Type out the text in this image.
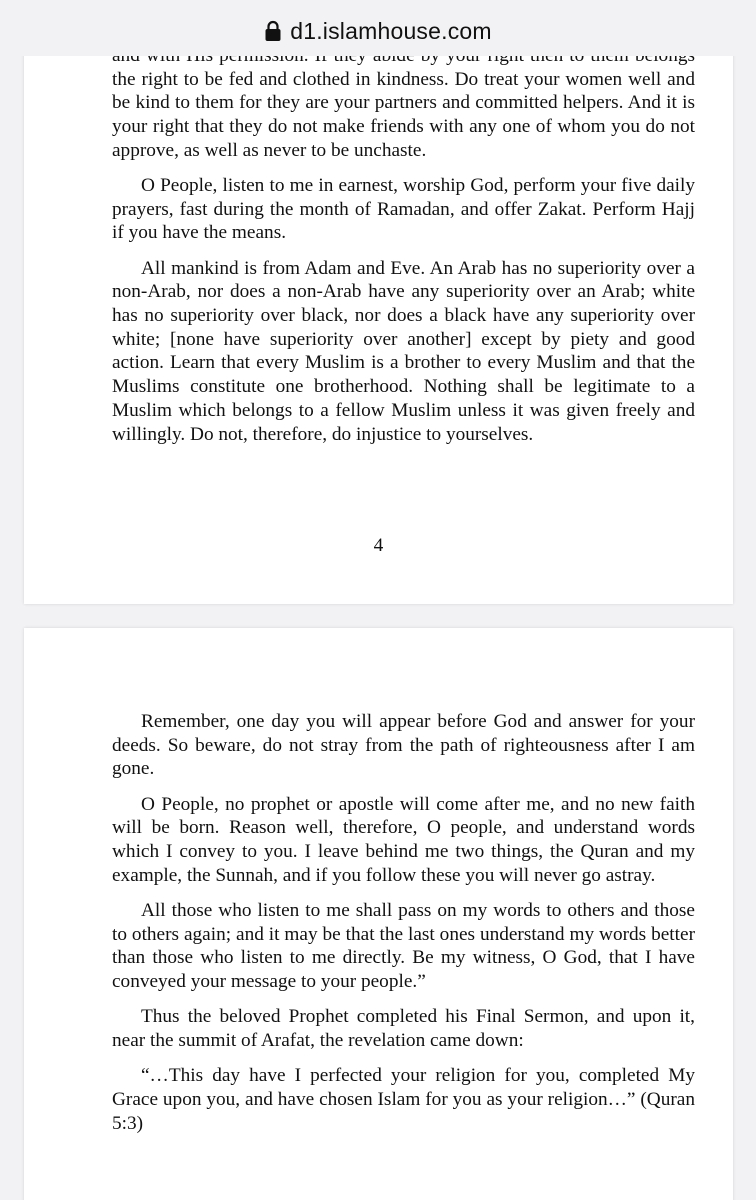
d1.islamhouse.com

the right to be fed and clothed in kindness. Do treat your women well and be kind to them for they are your partners and committed helpers. And it is your right that they do not make friends with any one of whom you do not approve, as well as never to be unchaste.

O People, listen to me in earnest, worship God, perform your five daily prayers, fast during the month of Ramadan, and offer Zakat. Perform Hajj if you have the means.

All mankind is from Adam and Eve. An Arab has no superiority over a non-Arab, nor does a non-Arab have any superiority over an Arab; white has no superiority over black, nor does a black have any superiority over white; [none have superiority over another] except by piety and good action. Learn that every Muslim is a brother to every Muslim and that the Muslims constitute one brotherhood. Nothing shall be legitimate to a Muslim which belongs to a fellow Muslim unless it was given freely and willingly. Do not, therefore, do injustice to yourselves.

4

Remember, one day you will appear before God and answer for your deeds. So beware, do not stray from the path of righteousness after I am gone.

O People, no prophet or apostle will come after me, and no new faith will be born. Reason well, therefore, O people, and understand words which I convey to you. I leave behind me two things, the Quran and my example, the Sunnah, and if you follow these you will never go astray.

All those who listen to me shall pass on my words to others and those to others again; and it may be that the last ones understand my words better than those who listen to me directly. Be my witness, O God, that I have conveyed your message to your people.”

Thus the beloved Prophet completed his Final Sermon, and upon it, near the summit of Arafat, the revelation came down:

“…This day have I perfected your religion for you, completed My Grace upon you, and have chosen Islam for you as your religion…” (Quran 5:3)
